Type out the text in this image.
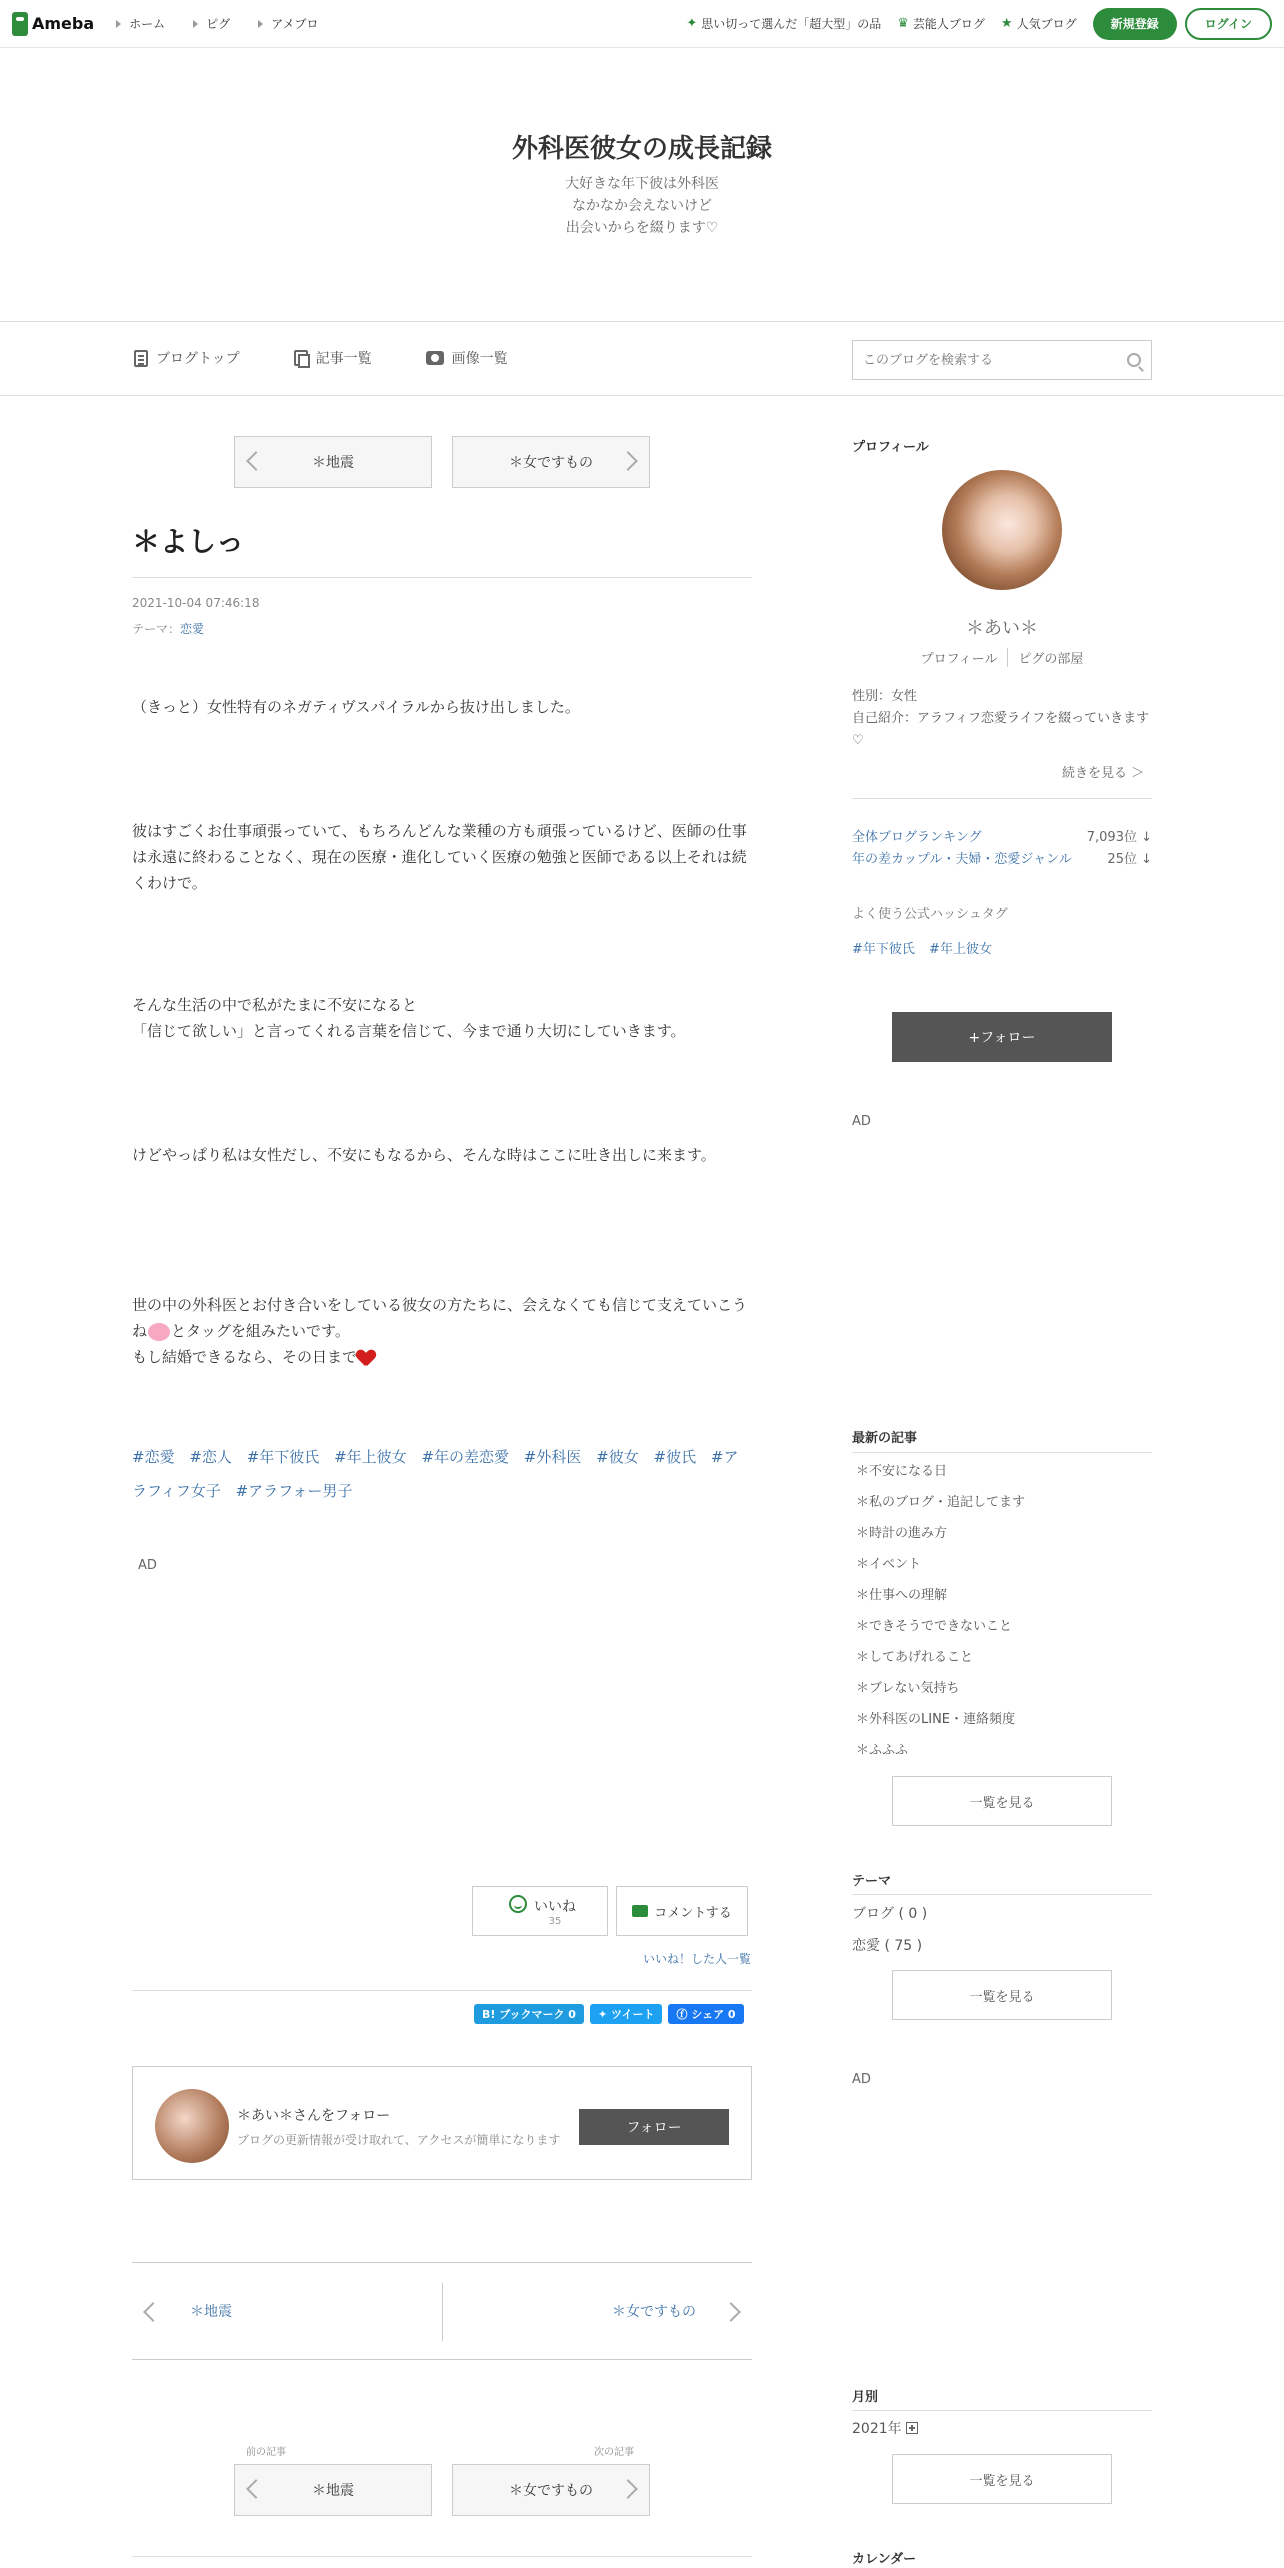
Ameba	ホーム	ピグ	アメブロ	✦ 思い切って選んだ「超大型」の品 ♛ 芸能人ブログ ★ 人気ブログ	新規登録	ログイン
外科医彼女の成長記録
大好きな年下彼は外科医
なかなか会えないけど
出会いからを綴ります♡
ブログトップ	記事一覧	画像一覧
このブログを検索する
＊地震	＊女ですもの
＊よしっ
2021-10-04 07:46:18
テーマ：恋愛

（きっと）女性特有のネガティヴスパイラルから抜け出しました。

彼はすごくお仕事頑張っていて、もちろんどんな業種の方も頑張っているけど、医師の仕事は永遠に終わることなく、現在の医療・進化していく医療の勉強と医師である以上それは続くわけで。

そんな生活の中で私がたまに不安になると
「信じて欲しい」と言ってくれる言葉を信じて、今まで通り大切にしていきます。

けどやっぱり私は女性だし、不安にもなるから、そんな時はここに吐き出しに来ます。

世の中の外科医とお付き合いをしている彼女の方たちに、会えなくても信じて支えていこうね とタッグを組みたいです。
もし結婚できるなら、その日まで

#恋愛 #恋人 #年下彼氏 #年上彼女 #年の差恋愛 #外科医 #彼女 #彼氏 #アラフィフ女子 #アラフォー男子
AD
いいね
35
コメントする
いいね！した人一覧
B! ブックマーク 0	✦ ツイート ⓕ シェア 0
＊あい＊さんをフォロー
ブログの更新情報が受け取れて、アクセスが簡単になります
フォロー
＊地震	＊女ですもの
前の記事	次の記事
＊地震	＊女ですもの
プロフィール
＊あい＊
プロフィール	ピグの部屋
性別：女性
自己紹介：アラフィフ恋愛ライフを綴っていきます♡
続きを見る ＞
全体ブログランキング	7,093位 ↓
年の差カップル・夫婦・恋愛ジャンル	25位 ↓
よく使う公式ハッシュタグ
#年下彼氏 #年上彼女
+フォロー
AD
最新の記事
＊不安になる日
＊私のブログ・追記してます
＊時計の進み方
＊イベント
＊仕事への理解
＊できそうでできないこと
＊してあげれること
＊ブレない気持ち
＊外科医のLINE・連絡頻度
＊ふふふ
一覧を見る
テーマ
ブログ ( 0 )
恋愛 ( 75 )
一覧を見る
AD
月別
2021年
一覧を見る
カレンダー
